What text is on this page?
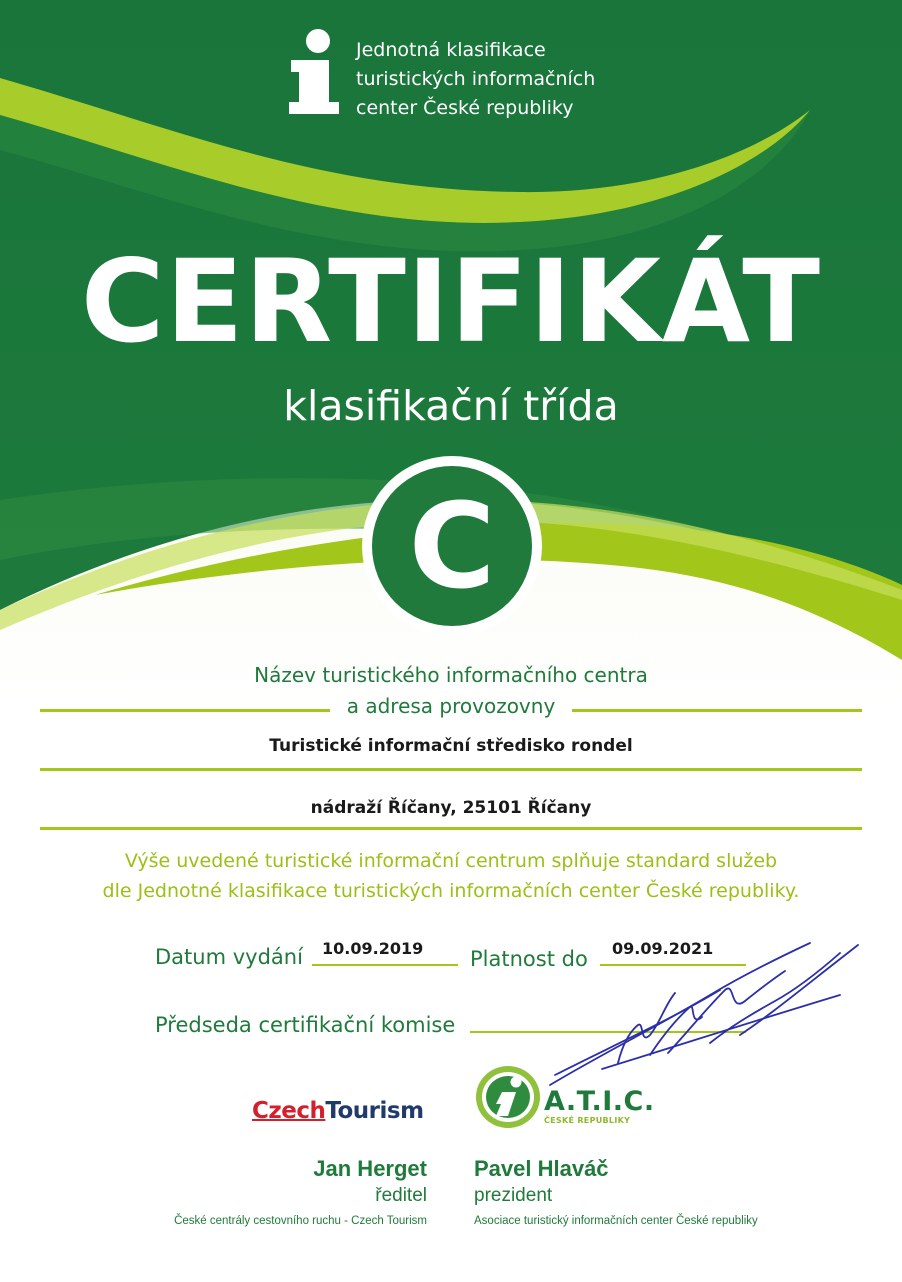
Jednotná klasifikace
turistických informačních
center České republiky
CERTIFIKÁT
klasifikační třída
C
Název turistického informačního centra
a adresa provozovny
Turistické informační středisko rondel
nádraží Říčany, 25101 Říčany
Výše uvedené turistické informační centrum splňuje standard služeb
dle Jednotné klasifikace turistických informačních center České republiky.
Datum vydání 10.09.2019 Platnost do 09.09.2021
Předseda certifikační komise
CzechTourism	A.T.I.C.
ČESKÉ REPUBLIKY
Jan Herget
ředitel
České centrály cestovního ruchu - Czech Tourism
Pavel Hlaváč
prezident
Asociace turistický informačních center České republiky
